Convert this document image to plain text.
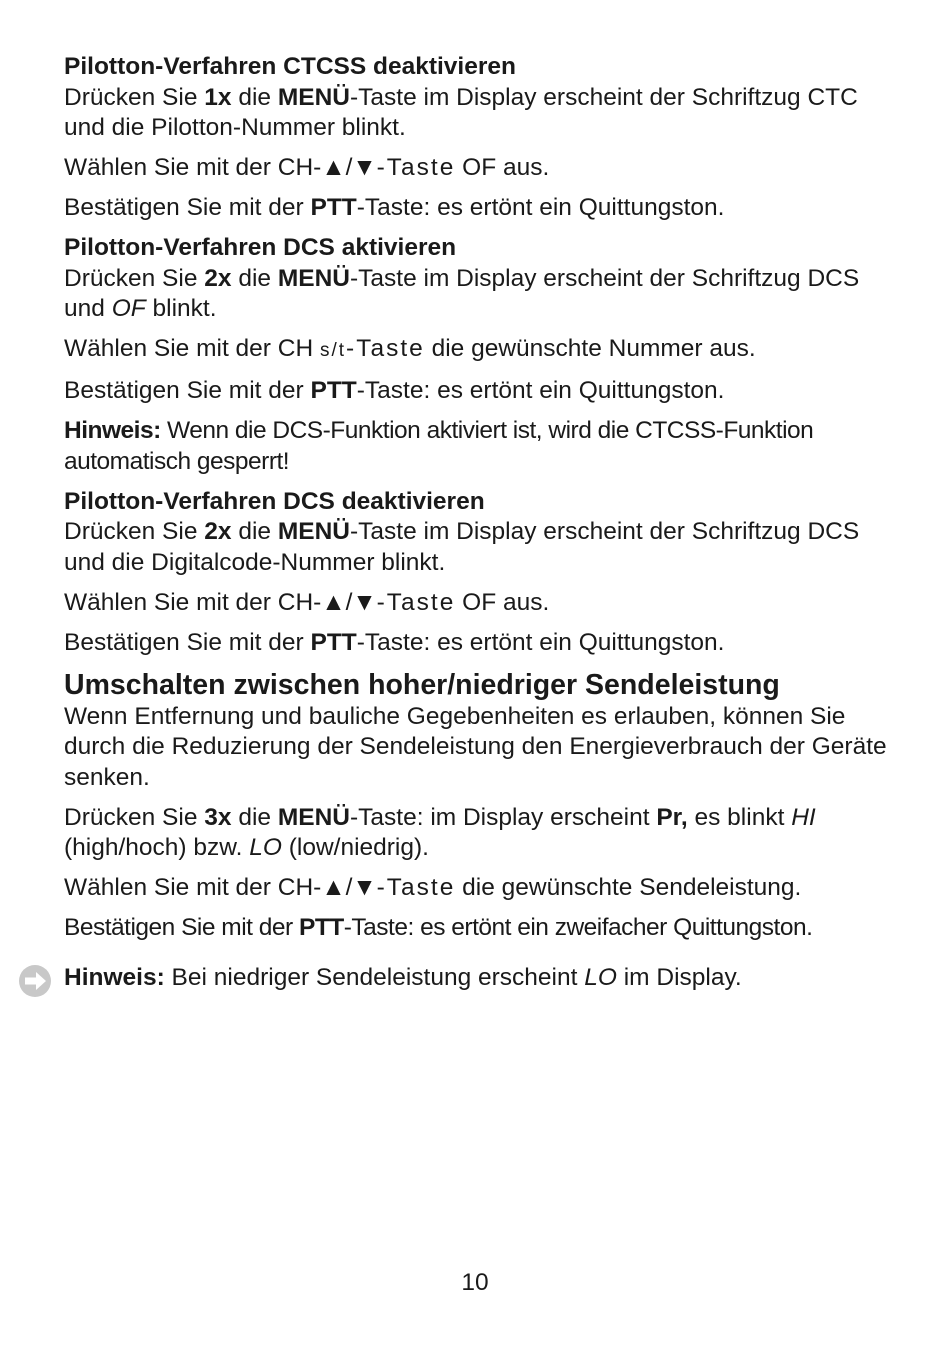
Pilotton-Verfahren CTCSS deaktivieren

Drücken Sie 1x die MENÜ-Taste im Display erscheint der Schriftzug CTC und die Pilotton-Nummer blinkt.

Wählen Sie mit der CH-▲/▼-Taste OF aus.

Bestätigen Sie mit der PTT-Taste: es ertönt ein Quittungston.

Pilotton-Verfahren DCS aktivieren

Drücken Sie 2x die MENÜ-Taste im Display erscheint der Schriftzug DCS und OF blinkt.

Wählen Sie mit der CH s/t-Taste die gewünschte Nummer aus.

Bestätigen Sie mit der PTT-Taste: es ertönt ein Quittungston.

Hinweis: Wenn die DCS-Funktion aktiviert ist, wird die CTCSS-Funktion automatisch gesperrt!

Pilotton-Verfahren DCS deaktivieren

Drücken Sie 2x die MENÜ-Taste im Display erscheint der Schriftzug DCS und die Digitalcode-Nummer blinkt.

Wählen Sie mit der CH-▲/▼-Taste OF aus.

Bestätigen Sie mit der PTT-Taste: es ertönt ein Quittungston.

Umschalten zwischen hoher/niedriger Sendeleistung

Wenn Entfernung und bauliche Gegebenheiten es erlauben, können Sie durch die Reduzierung der Sendeleistung den Energieverbrauch der Geräte senken.

Drücken Sie 3x die MENÜ-Taste: im Display erscheint Pr, es blinkt HI (high/hoch) bzw. LO (low/niedrig).

Wählen Sie mit der CH-▲/▼-Taste die gewünschte Sendeleistung.

Bestätigen Sie mit der PTT-Taste: es ertönt ein zweifacher Quittungston.

Hinweis: Bei niedriger Sendeleistung erscheint LO im Display.

10
